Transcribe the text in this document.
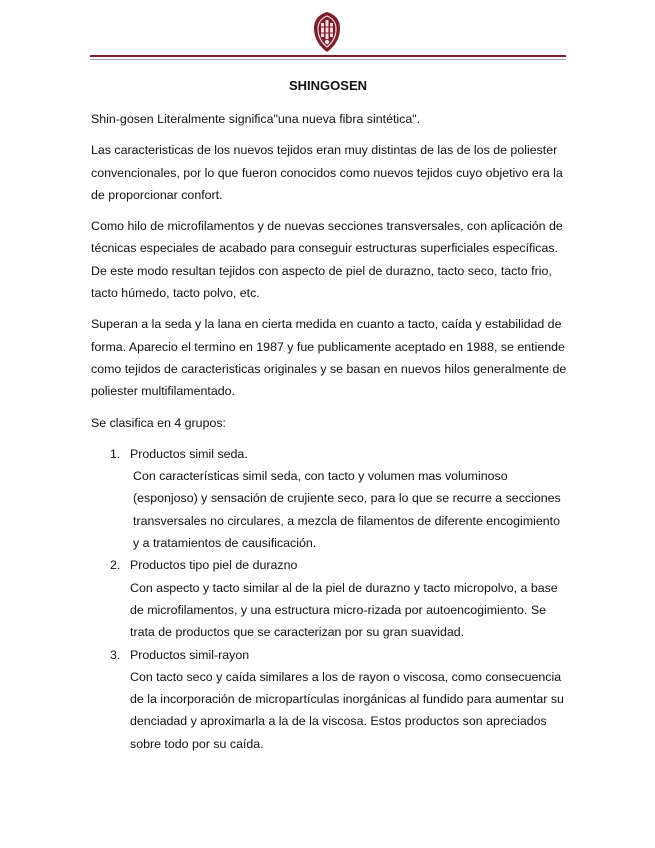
SHINGOSEN

Shin-gosen Literalmente significa"una nueva fibra sintética".

Las caracteristicas de los nuevos tejidos eran muy distintas de las de los de poliester convencionales, por lo que fueron conocidos como nuevos tejidos cuyo objetivo era la de proporcionar confort.

Como hilo de microfilamentos y de nuevas secciones transversales, con aplicación de técnicas especiales de acabado para conseguir estructuras superficiales específicas. De este modo resultan tejidos con aspecto de piel de durazno, tacto seco, tacto frio, tacto húmedo, tacto polvo, etc.

Superan a la seda y la lana en cierta medida en cuanto a tacto, caída y estabilidad de forma. Aparecio el termino en 1987 y fue publicamente aceptado en 1988, se entiende como tejidos de caracteristicas originales y se basan en nuevos hilos generalmente de poliester multifilamentado.

Se clasifica en 4 grupos:

1. Productos simil seda.
Con características simil seda, con tacto y volumen mas voluminoso (esponjoso) y sensación de crujiente seco, para lo que se recurre a secciones transversales no circulares, a mezcla de filamentos de diferente encogimiento y a tratamientos de causificación.
2. Productos tipo piel de durazno
Con aspecto y tacto similar al de la piel de durazno y tacto micropolvo, a base de microfilamentos, y una estructura micro-rizada por autoencogimiento. Se trata de productos que se caracterizan por su gran suavidad.
3. Productos simil-rayon
Con tacto seco y caída similares a los de rayon o viscosa, como consecuencia de la incorporación de micropartículas inorgánicas al fundido para aumentar su denciadad y aproximarla a la de la viscosa. Estos productos son apreciados sobre todo por su caída.
